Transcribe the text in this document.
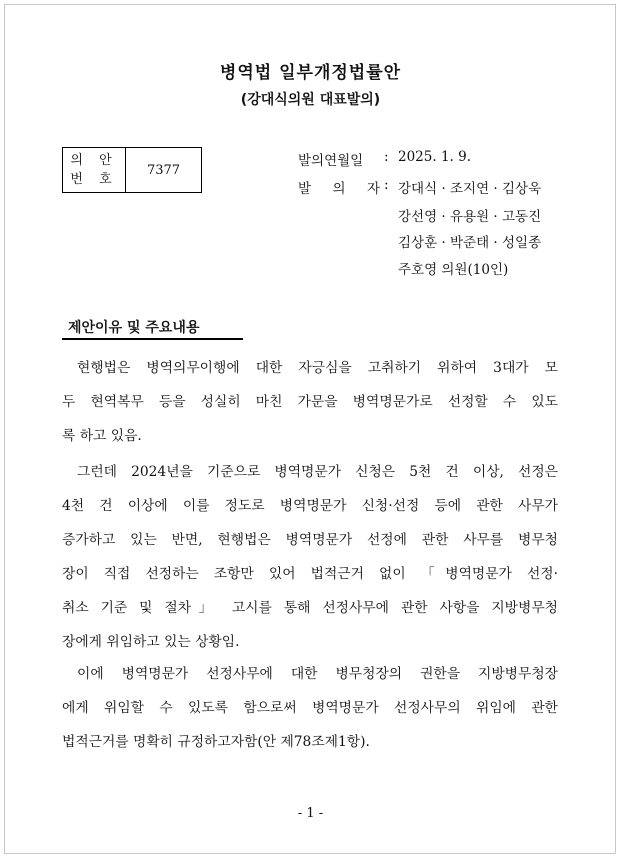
병역법 일부개정법률안
(강대식의원 대표발의)
의 안
번 호
7377
발의연월일	: 2025. 1. 9.
발 의 자 : 강대식 · 조지연 · 김상욱
강선영 · 유용원 · 고동진
김상훈 · 박준태 · 성일종
주호영 의원(10인)
제안이유 및 주요내용
현행법은 병역의무이행에 대한 자긍심을 고취하기 위하여 3대가 모
두 현역복무 등을 성실히 마친 가문을 병역명문가로 선정할 수 있도
록 하고 있음.
그런데 2024년을 기준으로 병역명문가 신청은 5천 건 이상, 선정은
4천 건 이상에 이를 정도로 병역명문가 신청·선정 등에 관한 사무가
증가하고 있는 반면, 현행법은 병역명문가 선정에 관한 사무를 병무청
장이 직접 선정하는 조항만 있어 법적근거 없이 「병역명문가 선정·
취소 기준 및 절차」 고시를 통해 선정사무에 관한 사항을 지방병무청
장에게 위임하고 있는 상황임.
이에 병역명문가 선정사무에 대한 병무청장의 권한을 지방병무청장
에게 위임할 수 있도록 함으로써 병역명문가 선정사무의 위임에 관한
법적근거를 명확히 규정하고자함(안 제78조제1항).
- 1 -
